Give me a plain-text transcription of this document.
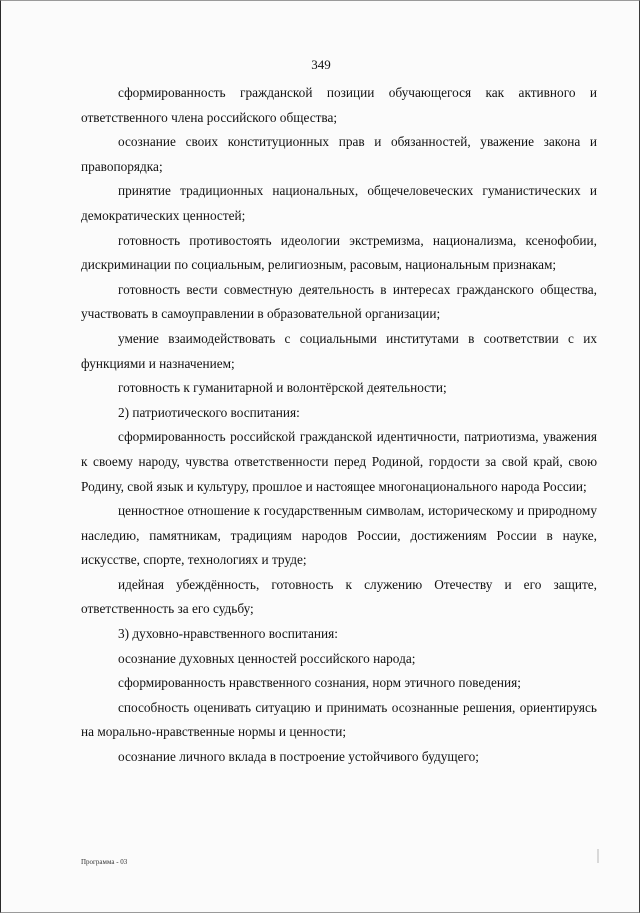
349

сформированность гражданской позиции обучающегося как активного и ответственного члена российского общества;

осознание своих конституционных прав и обязанностей, уважение закона и правопорядка;

принятие традиционных национальных, общечеловеческих гуманистических и демократических ценностей;

готовность противостоять идеологии экстремизма, национализма, ксенофобии, дискриминации по социальным, религиозным, расовым, национальным признакам;

готовность вести совместную деятельность в интересах гражданского общества, участвовать в самоуправлении в образовательной организации;

умение взаимодействовать с социальными институтами в соответствии с их функциями и назначением;

готовность к гуманитарной и волонтёрской деятельности;

2) патриотического воспитания:

сформированность российской гражданской идентичности, патриотизма, уважения к своему народу, чувства ответственности перед Родиной, гордости за свой край, свою Родину, свой язык и культуру, прошлое и настоящее многонационального народа России;

ценностное отношение к государственным символам, историческому и природному наследию, памятникам, традициям народов России, достижениям России в науке, искусстве, спорте, технологиях и труде;

идейная убеждённость, готовность к служению Отечеству и его защите, ответственность за его судьбу;

3) духовно-нравственного воспитания:

осознание духовных ценностей российского народа;

сформированность нравственного сознания, норм этичного поведения;

способность оценивать ситуацию и принимать осознанные решения, ориентируясь на морально-нравственные нормы и ценности;

осознание личного вклада в построение устойчивого будущего;

Программа - 03
